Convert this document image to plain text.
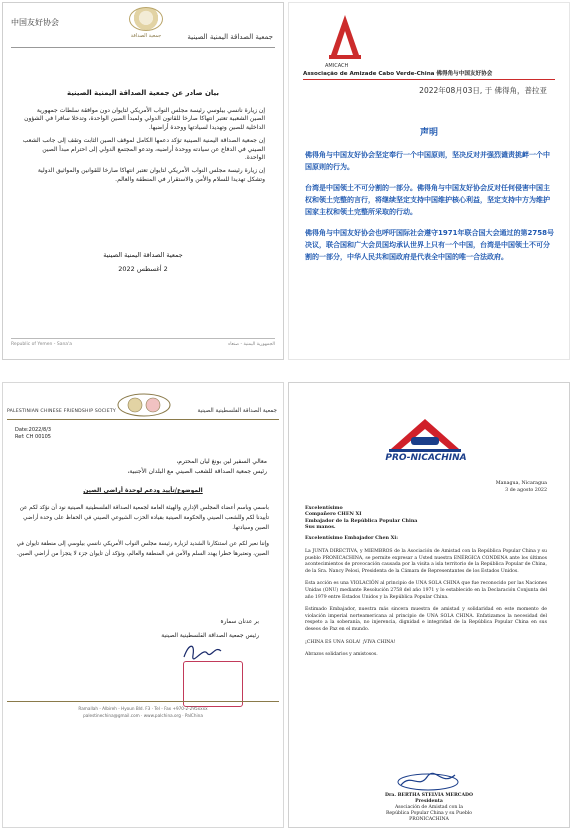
中国友好协会
جمعية الصداقة	جمعية الصداقة اليمنية الصينية
بيان صادر عن جمعية الصداقة اليمنية الصينية

إن زيارة نانسي بيلوسي رئيسة مجلس النواب الأمريكي لتايوان دون موافقة سلطات جمهورية الصين الشعبية تعتبر انتهاكا صارخا للقانون الدولي ولمبدأ الصين الواحدة، وتدخلا سافرا في الشؤون الداخلية للصين وتهديدا لسيادتها ووحدة أراضيها.

إن جمعية الصداقة اليمنية الصينية تؤكد دعمها الكامل لموقف الصين الثابت وتقف إلى جانب الشعب الصيني في الدفاع عن سيادته ووحدة أراضيه، وتدعو المجتمع الدولي إلى احترام مبدأ الصين الواحدة.

إن زيارة رئيسة مجلس النواب الأمريكي لتايوان تعتبر انتهاكا صارخا للقوانين والمواثيق الدولية وتشكل تهديدا للسلام والأمن والاستقرار في المنطقة والعالم.

جمعية الصداقة اليمنية الصينية
2 أغسطس 2022
Republic of Yemen - Sana'a	الجمهورية اليمنية - صنعاء
AMICACH
Associação de Amizade Cabo Verde-China 佛得角与中国友好协会
2022年08月03日, 于 佛得角，普拉亚
声明

佛得角与中国友好协会坚定奉行一个中国原则，坚决反对并强烈谴责挑衅一个中国原则的行为。

台湾是中国领土不可分割的一部分。佛得角与中国友好协会反对任何侵害中国主权和领土完整的言行，将继续坚定支持中国维护核心利益，坚定支持中方为维护国家主权和领土完整所采取的行动。

佛得角与中国友好协会也呼吁国际社会遵守1971年联合国大会通过的第2758号决议，联合国和广大会员国均承认世界上只有一个中国，台湾是中国领土不可分割的一部分，中华人民共和国政府是代表全中国的唯一合法政府。

PALESTINIAN CHINESE FRIENDSHIP SOCIETY	جمعية الصداقة الفلسطينية الصينية
Date:2022/8/3
Ref: CH 00105
معالي السفير لين بونغ ليان المحترم،
رئيس جمعية الصداقة للشعب الصيني مع البلدان الأجنبية،
الموضوع/تأييد ودعم لوحدة أراضي الصين

باسمي وباسم أعضاء المجلس الإداري والهيئة العامة لجمعية الصداقة الفلسطينية الصينية نود أن نؤكد لكم عن تأييدنا لكم وللشعب الصيني والحكومة الصينية بقيادة الحزب الشيوعي الصيني في الحفاظ على وحدة أراضي الصين وسيادتها.

وإننا نعبر لكم عن استنكارنا الشديد لزيارة رئيسة مجلس النواب الأمريكي نانسي بيلوسي إلى منطقة تايوان في الصين، ونعتبرها خطرا يهدد السلم والأمن في المنطقة والعالم، ونؤكد أن تايوان جزء لا يتجزأ من أراضي الصين.

بر عدنان سمارة
رئيس جمعية الصداقة الفلسطينية الصينية
Ramallah - Albireh - Hyoun Bld. F3 · Tel - Fax +970-2-295xxxx
palestinechina@gmail.com · www.palchina.org · PalChina
PRO-NICACHINA
Managua, Nicaragua
3 de agosto 2022
Excelentísimo
Compañero CHEN XI
Embajador de la República Popular China
Sus manos.
Excelentísimo Embajador Chen Xi:

La JUNTA DIRECTIVA, y MIEMBROS de la Asociación de Amistad con la República Popular China y su pueblo PRONICACHINA, se permite expresar a Usted nuestra ENÉRGICA CONDENA ante los últimos acontecimientos de provocación causada por la visita a isla territorio de la República Popular de China, de la Sra. Nancy Pelosi, Presidenta de la Cámara de Representantes de los Estados Unidos.

Esta acción es una VIOLACIÓN al principio de UNA SOLA CHINA que fue reconocido por las Naciones Unidas (ONU) mediante Resolución 2758 del año 1971 y lo establecido en la Declaración Conjunta del año 1979 entre Estados Unidos y la República Popular China.

Estimado Embajador, nuestra más sincera muestra de amistad y solidaridad en este momento de violación imperial norteamericana al principio de UNA SOLA CHINA. Enfatizamos la necesidad del respeto a la soberanía, no injerencia, dignidad e integridad de la República Popular China en sus deseos de Paz en el mundo.

¡CHINA ES UNA SOLA! ¡VIVA CHINA!

Abrazos solidarios y amistosos.

Dra. BERTHA STELVIA MERCADO
Presidenta
Asociación de Amistad con la
República Popular China y su Pueblo
PRONICACHINA
